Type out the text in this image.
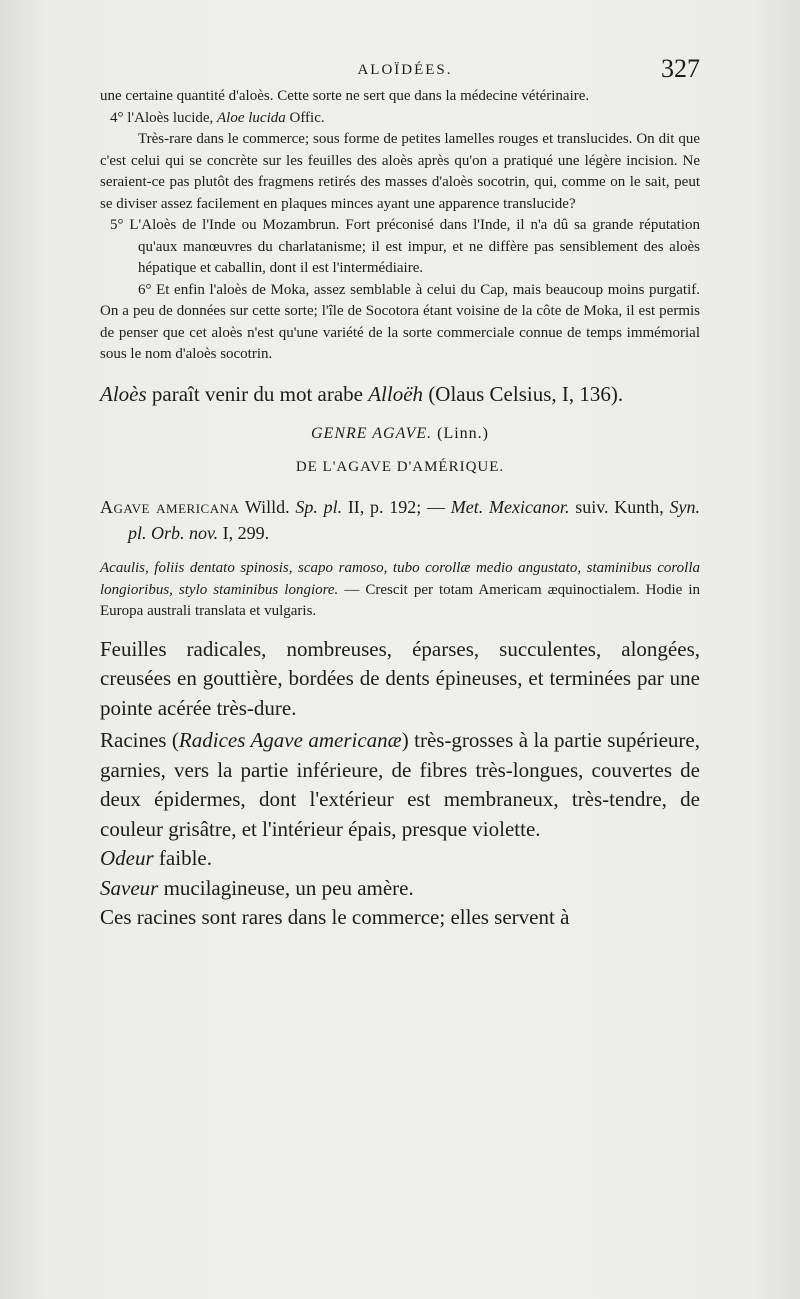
ALOÏDÉES.	327

une certaine quantité d'aloès. Cette sorte ne sert que dans la médecine vétérinaire.

4° l'Aloès lucide, Aloe lucida Offic.

Très-rare dans le commerce; sous forme de petites lamelles rouges et translucides. On dit que c'est celui qui se concrète sur les feuilles des aloès après qu'on a pratiqué une légère incision. Ne seraient-ce pas plutôt des fragmens retirés des masses d'aloès socotrin, qui, comme on le sait, peut se diviser assez facilement en plaques minces ayant une apparence translucide?

5° L'Aloès de l'Inde ou Mozambrun. Fort préconisé dans l'Inde, il n'a dû sa grande réputation qu'aux manœuvres du charlatanisme; il est impur, et ne diffère pas sensiblement des aloès hépatique et caballin, dont il est l'intermédiaire.

6° Et enfin l'aloès de Moka, assez semblable à celui du Cap, mais beaucoup moins purgatif. On a peu de données sur cette sorte; l'île de Socotora étant voisine de la côte de Moka, il est permis de penser que cet aloès n'est qu'une variété de la sorte commerciale connue de temps immémorial sous le nom d'aloès socotrin.

Aloès paraît venir du mot arabe Alloëh (Olaus Celsius, I, 136).

GENRE AGAVE. (Linn.)
DE L'AGAVE D'AMÉRIQUE.
Agave americana Willd. Sp. pl. II, p. 192; — Met. Mexicanor. suiv. Kunth, Syn. pl. Orb. nov. I, 299.

Acaulis, foliis dentato spinosis, scapo ramoso, tubo corollæ medio angustato, staminibus corolla longioribus, stylo staminibus longiore. — Crescit per totam Americam æquinoctialem. Hodie in Europa australi translata et vulgaris.

Feuilles radicales, nombreuses, éparses, succulentes, alongées, creusées en gouttière, bordées de dents épineuses, et terminées par une pointe acérée très-dure.

Racines (Radices Agave americanæ) très-grosses à la partie supérieure, garnies, vers la partie inférieure, de fibres très-longues, couvertes de deux épidermes, dont l'extérieur est membraneux, très-tendre, de couleur grisâtre, et l'intérieur épais, presque violette.

Odeur faible.

Saveur mucilagineuse, un peu amère.

Ces racines sont rares dans le commerce; elles servent à
